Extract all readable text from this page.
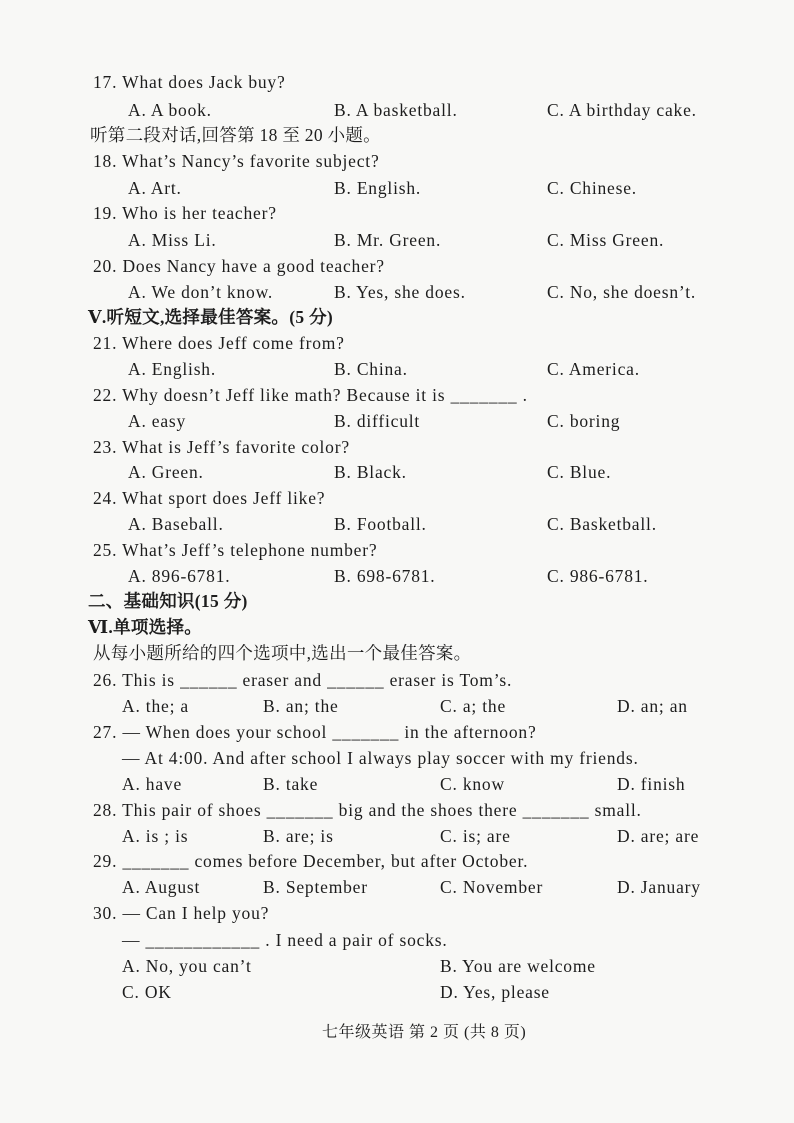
17. What does Jack buy?
A. A book.	B. A basketball.	C. A birthday cake.
听第二段对话,回答第 18 至 20 小题。
18. What’s Nancy’s favorite subject?
A. Art.	B. English.	C. Chinese.
19. Who is her teacher?
A. Miss Li.	B. Mr. Green.	C. Miss Green.
20. Does Nancy have a good teacher?
A. We don’t know.	B. Yes, she does.	C. No, she doesn’t.
Ⅴ.听短文,选择最佳答案。(5 分)
21. Where does Jeff come from?
A. English.	B. China.	C. America.
22. Why doesn’t Jeff like math? Because it is _______ .
A. easy	B. difficult	C. boring
23. What is Jeff’s favorite color?
A. Green.	B. Black.	C. Blue.
24. What sport does Jeff like?
A. Baseball.	B. Football.	C. Basketball.
25. What’s Jeff’s telephone number?
A. 896-6781.	B. 698-6781.	C. 986-6781.
二、基础知识(15 分)
Ⅵ.单项选择。
从每小题所给的四个选项中,选出一个最佳答案。
26. This is ______ eraser and ______ eraser is Tom’s.
A. the; a	B. an; the	C. a; the	D. an; an
27. — When does your school _______ in the afternoon?
— At 4:00. And after school I always play soccer with my friends.
A. have	B. take	C. know	D. finish
28. This pair of shoes _______ big and the shoes there _______ small.
A. is ; is	B. are; is	C. is; are	D. are; are
29. _______ comes before December, but after October.
A. August	B. September	C. November	D. January
30. — Can I help you?
— ____________ . I need a pair of socks.
A. No, you can’t	B. You are welcome
C. OK	D. Yes, please
七年级英语 第 2 页 (共 8 页)
